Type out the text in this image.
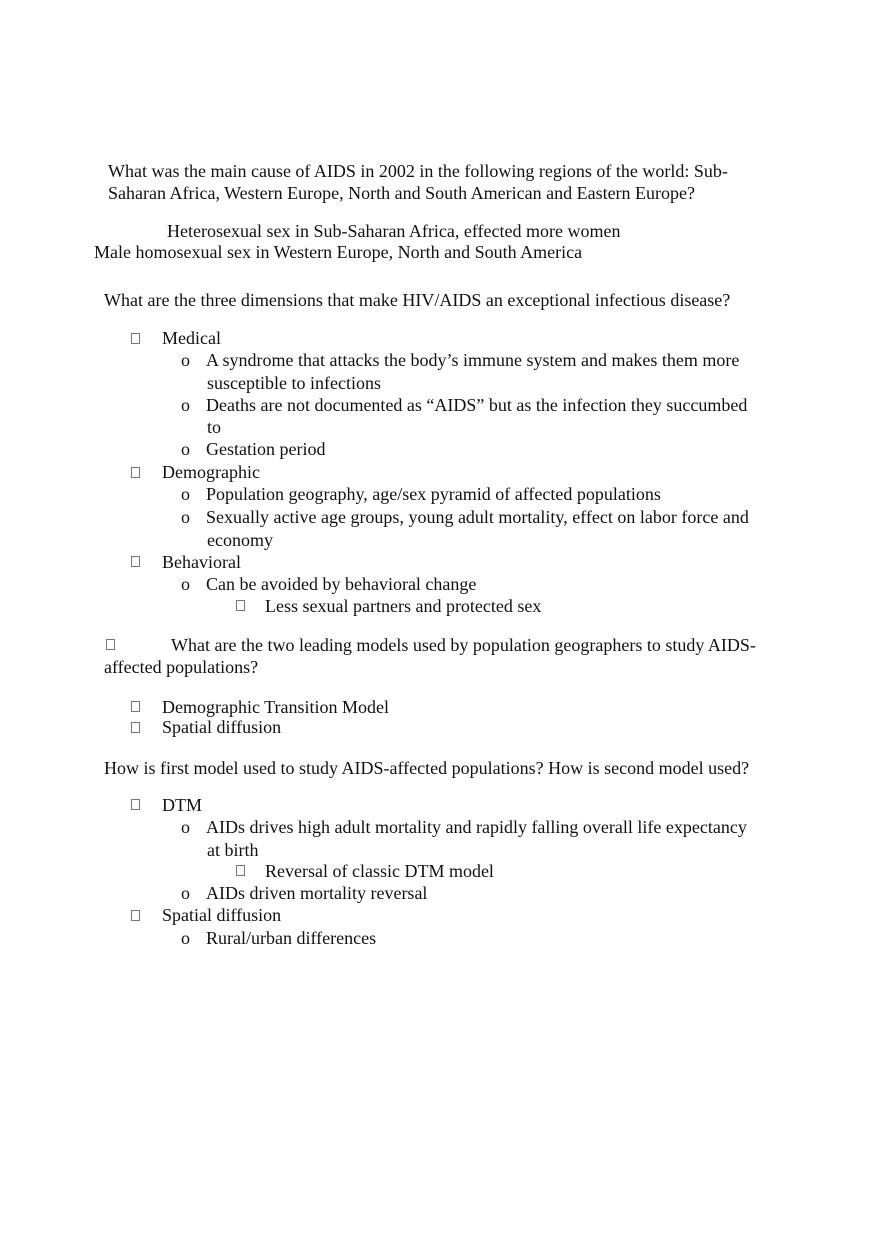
What was the main cause of AIDS in 2002 in the following regions of the world: Sub-
Saharan Africa, Western Europe, North and South American and Eastern Europe?
Heterosexual sex in Sub-Saharan Africa, effected more women
Male homosexual sex in Western Europe, North and South America
What are the three dimensions that make HIV/AIDS an exceptional infectious disease?
Medical
o A syndrome that attacks the body’s immune system and makes them more
susceptible to infections
o Deaths are not documented as “AIDS” but as the infection they succumbed
to
o Gestation period
Demographic
o Population geography, age/sex pyramid of affected populations
o Sexually active age groups, young adult mortality, effect on labor force and
economy
Behavioral
o Can be avoided by behavioral change
Less sexual partners and protected sex
What are the two leading models used by population geographers to study AIDS-
affected populations?
Demographic Transition Model
Spatial diffusion
How is first model used to study AIDS-affected populations? How is second model used?
DTM
o AIDs drives high adult mortality and rapidly falling overall life expectancy
at birth
Reversal of classic DTM model
o AIDs driven mortality reversal
Spatial diffusion
o Rural/urban differences
